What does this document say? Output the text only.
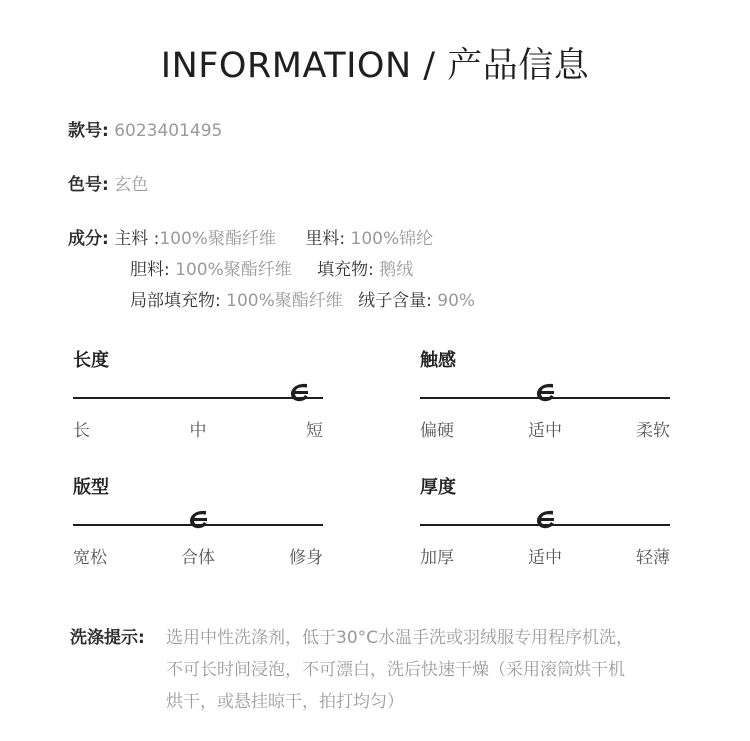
INFORMATION / 产品信息
款号: 6023401495
色号: 玄色
成分: 主料 :100%聚酯纤维 里料: 100%锦纶
胆料: 100%聚酯纤维 填充物: 鹅绒
局部填充物: 100%聚酯纤维 绒子含量: 90%
长度
长	中	短
触感
偏硬	适中	柔软
版型
宽松	合体	修身
厚度
加厚	适中	轻薄
洗涤提示: 选用中性洗涤剂，低于30°C水温手洗或羽绒服专用程序机洗，
不可长时间浸泡，不可漂白，洗后快速干燥（采用滚筒烘干机
烘干，或悬挂晾干，拍打均匀）
